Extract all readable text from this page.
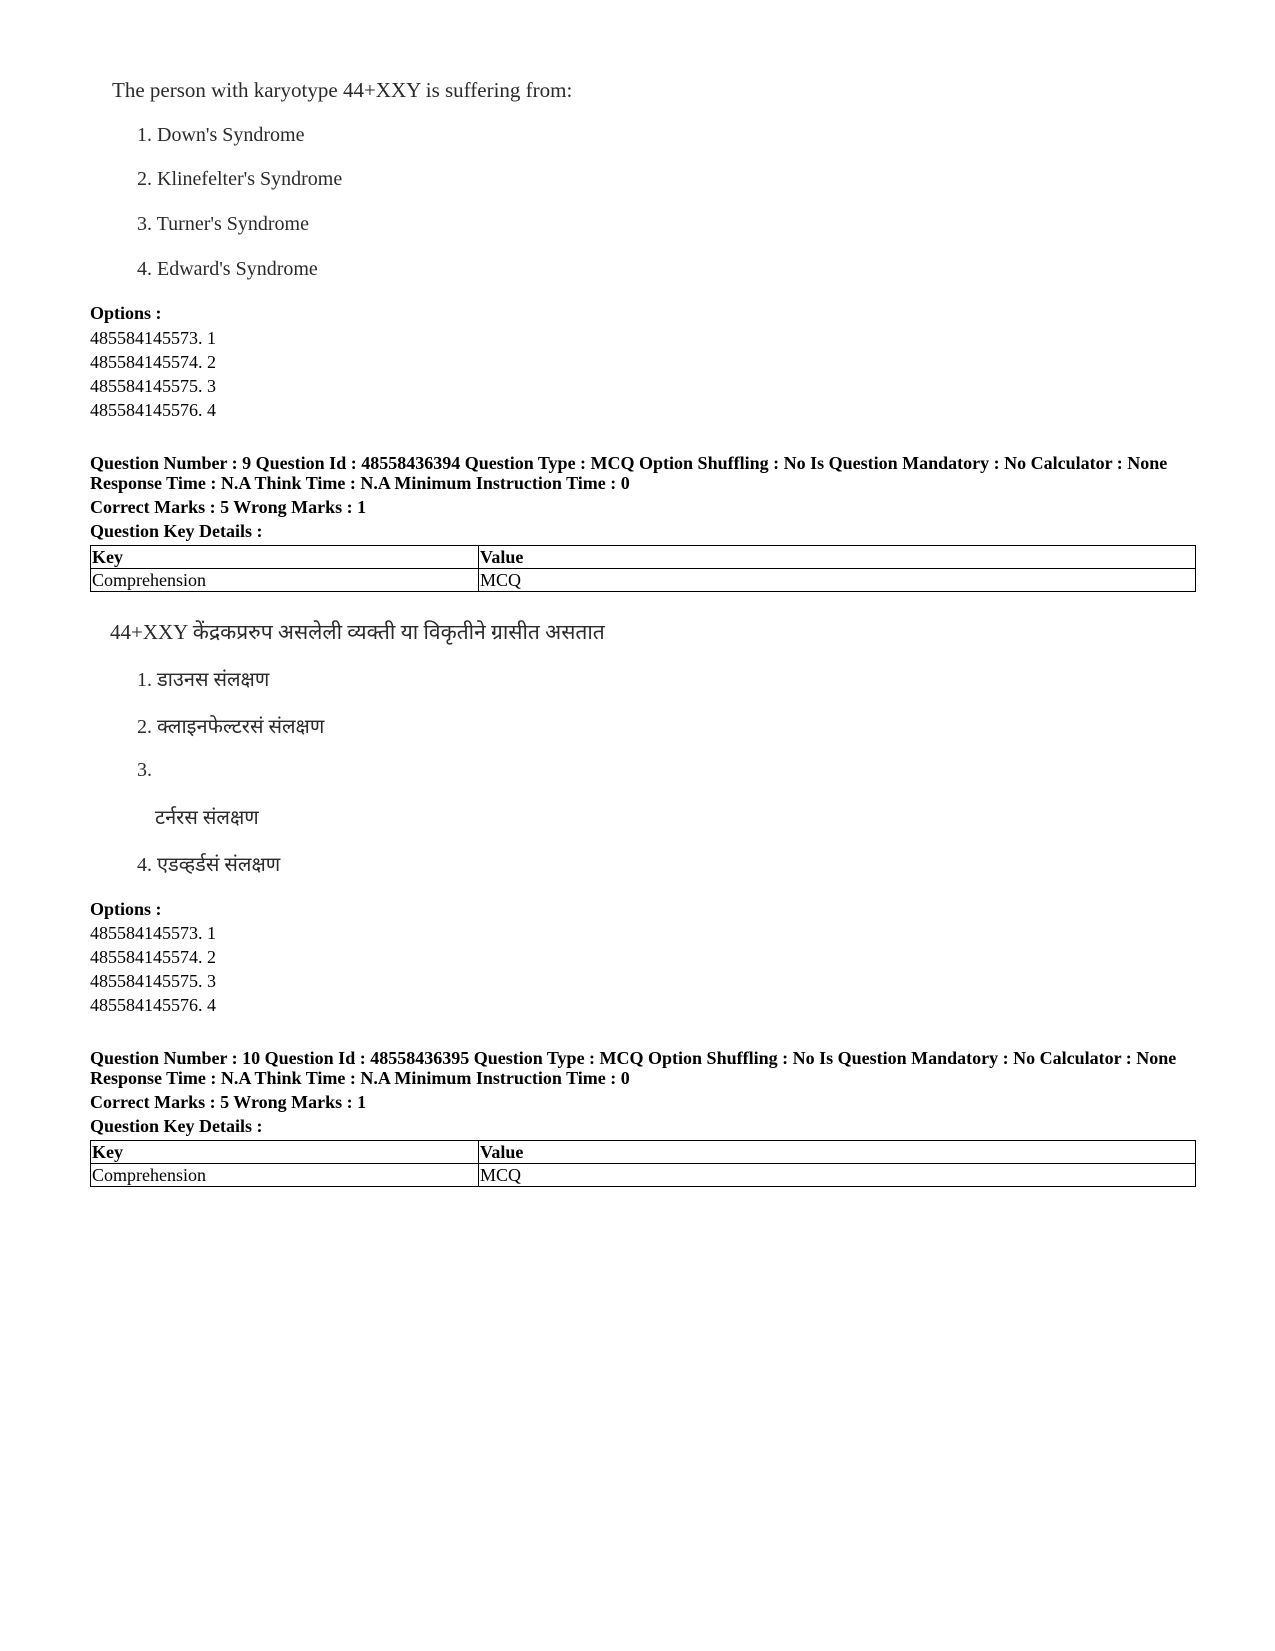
The person with karyotype 44+XXY is suffering from:
1. Down's Syndrome
2. Klinefelter's Syndrome
3. Turner's Syndrome
4. Edward's Syndrome
Options :
485584145573. 1
485584145574. 2
485584145575. 3
485584145576. 4
Question Number : 9 Question Id : 48558436394 Question Type : MCQ Option Shuffling : No Is Question Mandatory : No Calculator : None
Response Time : N.A Think Time : N.A Minimum Instruction Time : 0
Correct Marks : 5 Wrong Marks : 1
Question Key Details :
Key	Value
Comprehension	MCQ
44+XXY केंद्रकप्ररुप असलेली व्यक्ती या विकृतीने ग्रासीत असतात
1. डाउनस संलक्षण
2. क्लाइनफेल्टरसं संलक्षण
3.
टर्नरस संलक्षण
4. एडव्हर्डसं संलक्षण
Options :
485584145573. 1
485584145574. 2
485584145575. 3
485584145576. 4
Question Number : 10 Question Id : 48558436395 Question Type : MCQ Option Shuffling : No Is Question Mandatory : No Calculator : None
Response Time : N.A Think Time : N.A Minimum Instruction Time : 0
Correct Marks : 5 Wrong Marks : 1
Question Key Details :
Key	Value
Comprehension	MCQ
